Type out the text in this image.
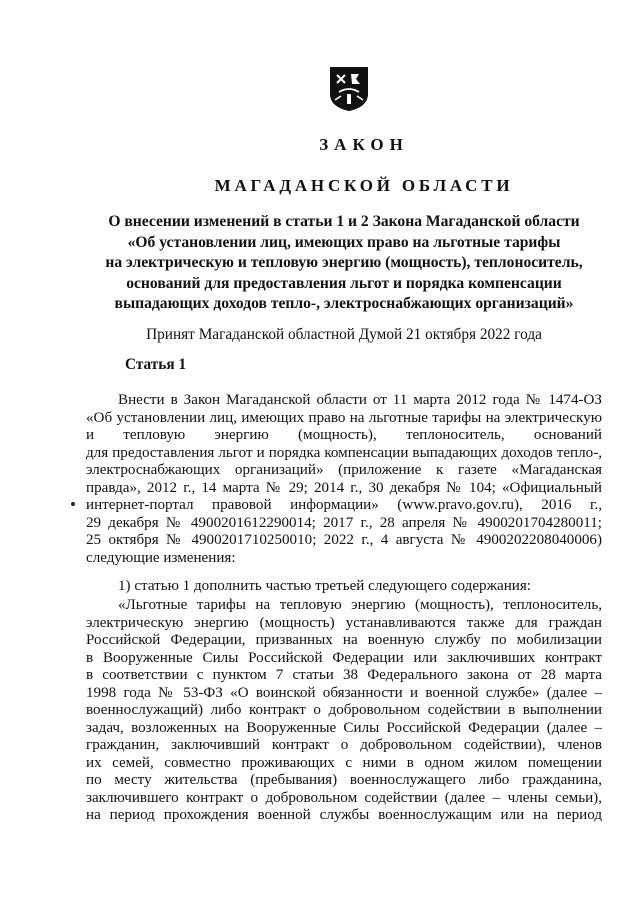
ЗАКОН
МАГАДАНСКОЙ ОБЛАСТИ
О внесении изменений в статьи 1 и 2 Закона Магаданской области
«Об установлении лиц, имеющих право на льготные тарифы
на электрическую и тепловую энергию (мощность), теплоноситель,
оснований для предоставления льгот и порядка компенсации
выпадающих доходов тепло-, электроснабжающих организаций»
Принят Магаданской областной Думой 21 октября 2022 года
Статья 1
Внести в Закон Магаданской области от 11 марта 2012 года № 1474-ОЗ
«Об установлении лиц, имеющих право на льготные тарифы на электрическую
и тепловую энергию (мощность), теплоноситель, оснований
для предоставления льгот и порядка компенсации выпадающих доходов тепло-,
электроснабжающих организаций» (приложение к газете «Магаданская
правда», 2012 г., 14 марта № 29; 2014 г., 30 декабря № 104; «Официальный
интернет-портал правовой информации» (www.pravo.gov.ru), 2016 г.,
29 декабря № 4900201612290014; 2017 г., 28 апреля № 4900201704280011;
25 октября № 4900201710250010; 2022 г., 4 августа № 4900202208040006)
следующие изменения:
1) статью 1 дополнить частью третьей следующего содержания:
«Льготные тарифы на тепловую энергию (мощность), теплоноситель,
электрическую энергию (мощность) устанавливаются также для граждан
Российской Федерации, призванных на военную службу по мобилизации
в Вооруженные Силы Российской Федерации или заключивших контракт
в соответствии с пунктом 7 статьи 38 Федерального закона от 28 марта
1998 года № 53-ФЗ «О воинской обязанности и военной службе» (далее –
военнослужащий) либо контракт о добровольном содействии в выполнении
задач, возложенных на Вооруженные Силы Российской Федерации (далее –
гражданин, заключивший контракт о добровольном содействии), членов
их семей, совместно проживающих с ними в одном жилом помещении
по месту жительства (пребывания) военнослужащего либо гражданина,
заключившего контракт о добровольном содействии (далее – члены семьи),
на период прохождения военной службы военнослужащим или на период
